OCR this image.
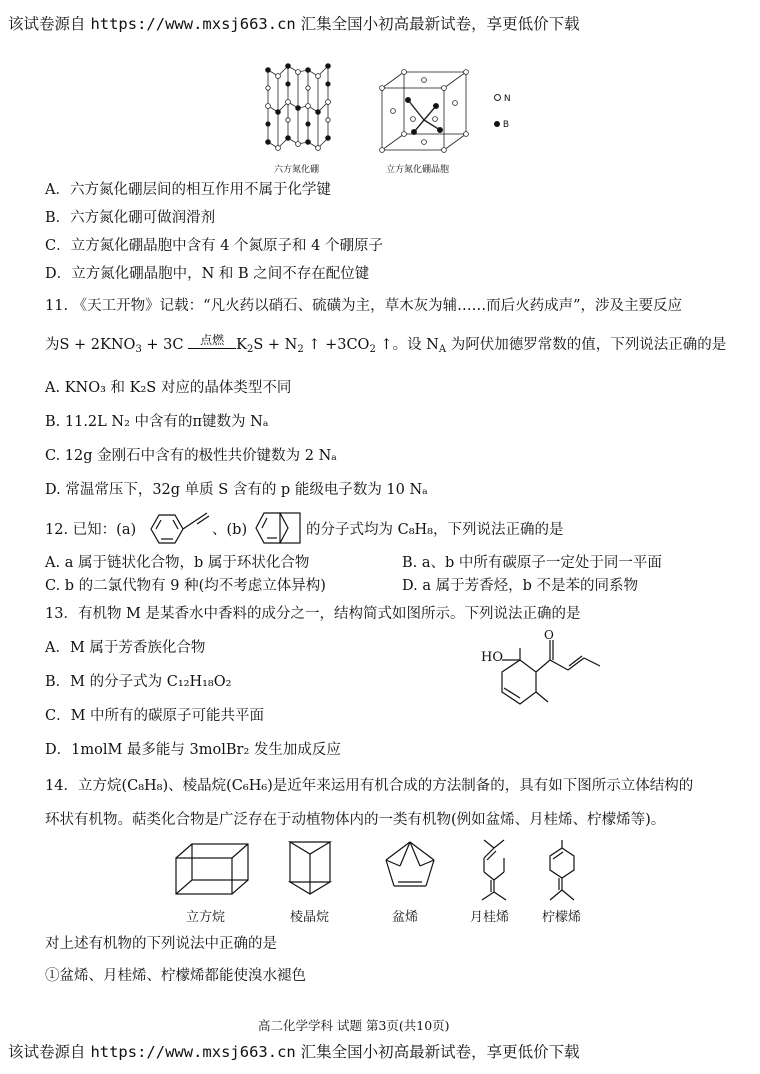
该试卷源自 https://www.mxsj663.cn 汇集全国小初高最新试卷，享更低价下载
N
B
六方氮化硼	立方氮化硼晶胞
A．六方氮化硼层间的相互作用不属于化学键
B．六方氮化硼可做润滑剂
C．立方氮化硼晶胞中含有 4 个氮原子和 4 个硼原子
D．立方氮化硼晶胞中，N 和 B 之间不存在配位键
11. 《天工开物》记载：“凡火药以硝石、硫磺为主，草木灰为辅……而后火药成声”，涉及主要反应
为$S + 2KNO_3 + 3C$	点燃 $K_2S + N_2$ ↑ $+3CO_2$ ↑。设 $N_A$ 为阿伏加德罗常数的值，下列说法正确的是
A. KNO₃ 和 K₂S 对应的晶体类型不同
B. 11.2L N₂ 中含有的π键数为 Nₐ
C. 12g 金刚石中含有的极性共价键数为 2 Nₐ
D. 常温常压下，32g 单质 S 含有的 p 能级电子数为 10 Nₐ
12. 已知：(a)	、(b)	的分子式均为 C₈H₈，下列说法正确的是
A. a 属于链状化合物，b 属于环状化合物	B. a、b 中所有碳原子一定处于同一平面
C. b 的二氯代物有 9 种(均不考虑立体异构)	D. a 属于芳香烃，b 不是苯的同系物
13．有机物 M 是某香水中香料的成分之一，结构简式如图所示。下列说法正确的是
A．M 属于芳香族化合物
B．M 的分子式为 C₁₂H₁₈O₂
C．M 中所有的碳原子可能共平面
D．1molM 最多能与 3molBr₂ 发生加成反应
O
HO
14．立方烷(C₈H₈)、棱晶烷(C₆H₆)是近年来运用有机合成的方法制备的，具有如下图所示立体结构的
环状有机物。萜类化合物是广泛存在于动植物体内的一类有机物(例如盆烯、月桂烯、柠檬烯等)。
立方烷	棱晶烷	盆烯	月桂烯	柠檬烯
对上述有机物的下列说法中正确的是
①盆烯、月桂烯、柠檬烯都能使溴水褪色
高二化学学科 试题 第3页(共10页)
该试卷源自 https://www.mxsj663.cn 汇集全国小初高最新试卷，享更低价下载
